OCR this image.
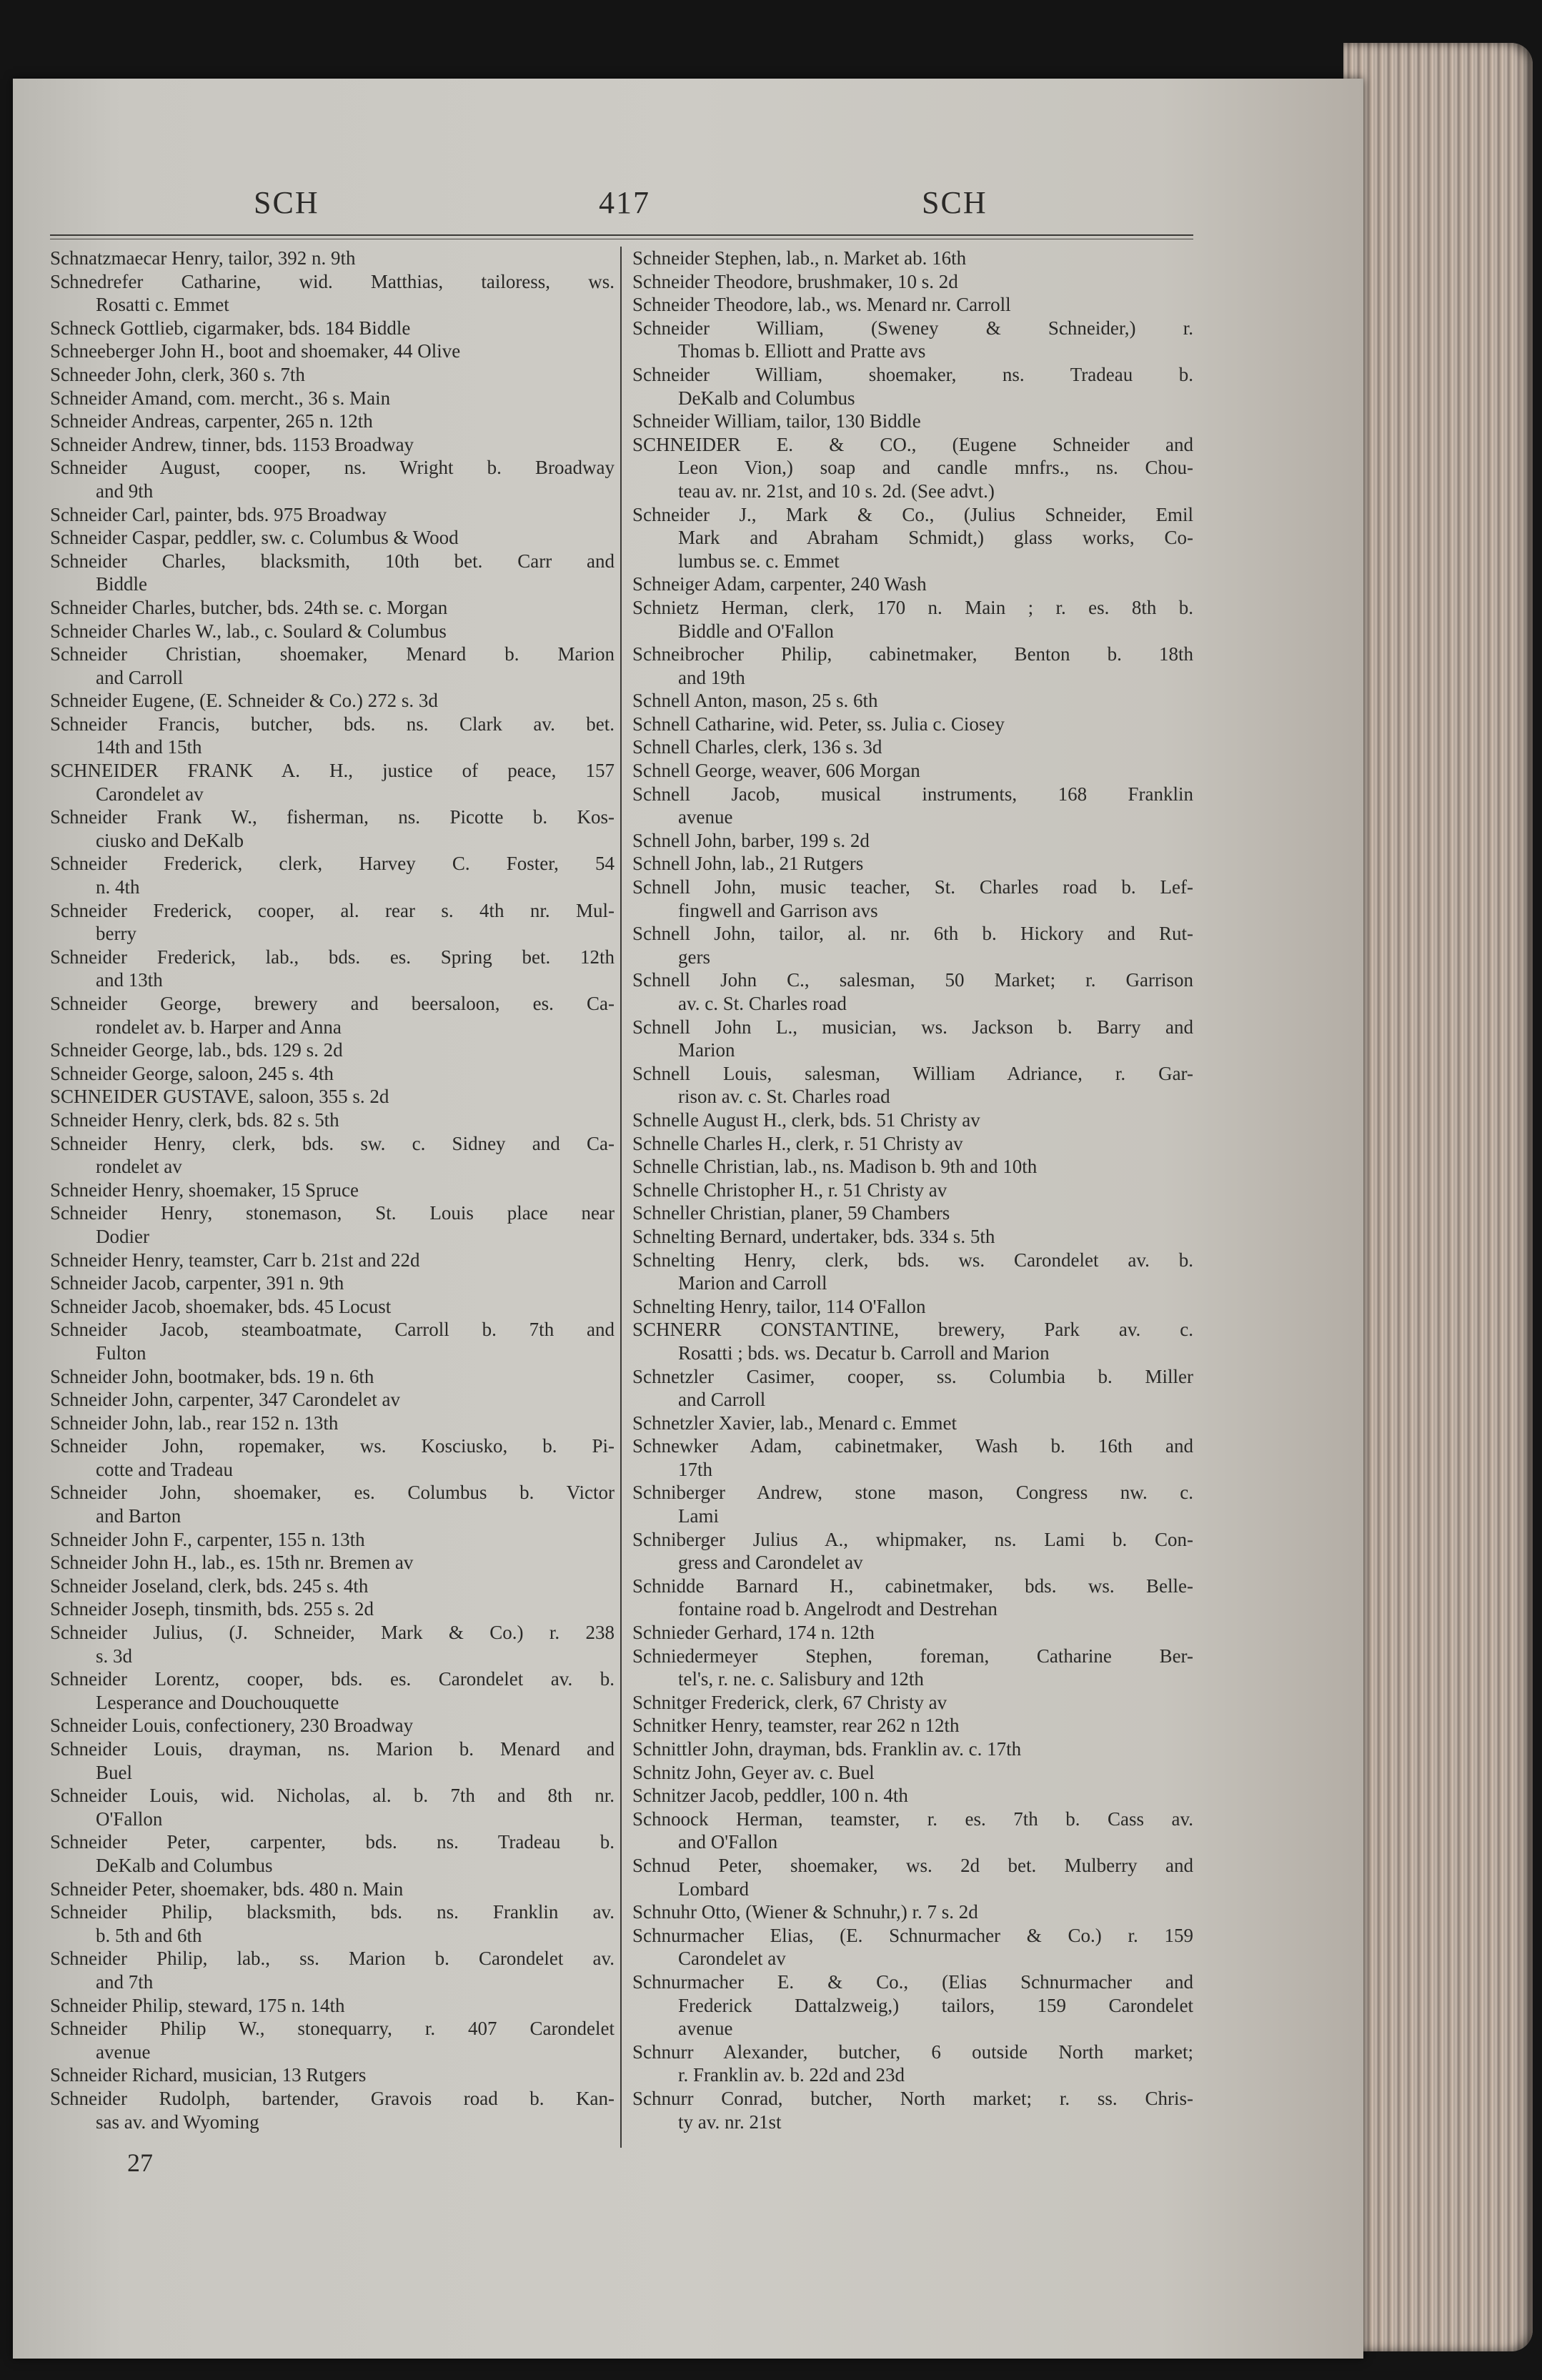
SCH	417	SCH
Schnatzmaecar Henry, tailor, 392 n. 9th
Schnedrefer Catharine, wid. Matthias, tailoress, ws.
Rosatti c. Emmet
Schneck Gottlieb, cigarmaker, bds. 184 Biddle
Schneeberger John H., boot and shoemaker, 44 Olive
Schneeder John, clerk, 360 s. 7th
Schneider Amand, com. mercht., 36 s. Main
Schneider Andreas, carpenter, 265 n. 12th
Schneider Andrew, tinner, bds. 1153 Broadway
Schneider August, cooper, ns. Wright b. Broadway
and 9th
Schneider Carl, painter, bds. 975 Broadway
Schneider Caspar, peddler, sw. c. Columbus & Wood
Schneider Charles, blacksmith, 10th bet. Carr and
Biddle
Schneider Charles, butcher, bds. 24th se. c. Morgan
Schneider Charles W., lab., c. Soulard & Columbus
Schneider Christian, shoemaker, Menard b. Marion
and Carroll
Schneider Eugene, (E. Schneider & Co.) 272 s. 3d
Schneider Francis, butcher, bds. ns. Clark av. bet.
14th and 15th
SCHNEIDER FRANK A. H., justice of peace, 157
Carondelet av
Schneider Frank W., fisherman, ns. Picotte b. Kos-
ciusko and DeKalb
Schneider Frederick, clerk, Harvey C. Foster, 54
n. 4th
Schneider Frederick, cooper, al. rear s. 4th nr. Mul-
berry
Schneider Frederick, lab., bds. es. Spring bet. 12th
and 13th
Schneider George, brewery and beersaloon, es. Ca-
rondelet av. b. Harper and Anna
Schneider George, lab., bds. 129 s. 2d
Schneider George, saloon, 245 s. 4th
SCHNEIDER GUSTAVE, saloon, 355 s. 2d
Schneider Henry, clerk, bds. 82 s. 5th
Schneider Henry, clerk, bds. sw. c. Sidney and Ca-
rondelet av
Schneider Henry, shoemaker, 15 Spruce
Schneider Henry, stonemason, St. Louis place near
Dodier
Schneider Henry, teamster, Carr b. 21st and 22d
Schneider Jacob, carpenter, 391 n. 9th
Schneider Jacob, shoemaker, bds. 45 Locust
Schneider Jacob, steamboatmate, Carroll b. 7th and
Fulton
Schneider John, bootmaker, bds. 19 n. 6th
Schneider John, carpenter, 347 Carondelet av
Schneider John, lab., rear 152 n. 13th
Schneider John, ropemaker, ws. Kosciusko, b. Pi-
cotte and Tradeau
Schneider John, shoemaker, es. Columbus b. Victor
and Barton
Schneider John F., carpenter, 155 n. 13th
Schneider John H., lab., es. 15th nr. Bremen av
Schneider Joseland, clerk, bds. 245 s. 4th
Schneider Joseph, tinsmith, bds. 255 s. 2d
Schneider Julius, (J. Schneider, Mark & Co.) r. 238
s. 3d
Schneider Lorentz, cooper, bds. es. Carondelet av. b.
Lesperance and Douchouquette
Schneider Louis, confectionery, 230 Broadway
Schneider Louis, drayman, ns. Marion b. Menard and
Buel
Schneider Louis, wid. Nicholas, al. b. 7th and 8th nr.
O'Fallon
Schneider Peter, carpenter, bds. ns. Tradeau b.
DeKalb and Columbus
Schneider Peter, shoemaker, bds. 480 n. Main
Schneider Philip, blacksmith, bds. ns. Franklin av.
b. 5th and 6th
Schneider Philip, lab., ss. Marion b. Carondelet av.
and 7th
Schneider Philip, steward, 175 n. 14th
Schneider Philip W., stonequarry, r. 407 Carondelet
avenue
Schneider Richard, musician, 13 Rutgers
Schneider Rudolph, bartender, Gravois road b. Kan-
sas av. and Wyoming
Schneider Stephen, lab., n. Market ab. 16th
Schneider Theodore, brushmaker, 10 s. 2d
Schneider Theodore, lab., ws. Menard nr. Carroll
Schneider William, (Sweney & Schneider,) r.
Thomas b. Elliott and Pratte avs
Schneider William, shoemaker, ns. Tradeau b.
DeKalb and Columbus
Schneider William, tailor, 130 Biddle
SCHNEIDER E. & CO., (Eugene Schneider and
Leon Vion,) soap and candle mnfrs., ns. Chou-
teau av. nr. 21st, and 10 s. 2d. (See advt.)
Schneider J., Mark & Co., (Julius Schneider, Emil
Mark and Abraham Schmidt,) glass works, Co-
lumbus se. c. Emmet
Schneiger Adam, carpenter, 240 Wash
Schnietz Herman, clerk, 170 n. Main ; r. es. 8th b.
Biddle and O'Fallon
Schneibrocher Philip, cabinetmaker, Benton b. 18th
and 19th
Schnell Anton, mason, 25 s. 6th
Schnell Catharine, wid. Peter, ss. Julia c. Ciosey
Schnell Charles, clerk, 136 s. 3d
Schnell George, weaver, 606 Morgan
Schnell Jacob, musical instruments, 168 Franklin
avenue
Schnell John, barber, 199 s. 2d
Schnell John, lab., 21 Rutgers
Schnell John, music teacher, St. Charles road b. Lef-
fingwell and Garrison avs
Schnell John, tailor, al. nr. 6th b. Hickory and Rut-
gers
Schnell John C., salesman, 50 Market; r. Garrison
av. c. St. Charles road
Schnell John L., musician, ws. Jackson b. Barry and
Marion
Schnell Louis, salesman, William Adriance, r. Gar-
rison av. c. St. Charles road
Schnelle August H., clerk, bds. 51 Christy av
Schnelle Charles H., clerk, r. 51 Christy av
Schnelle Christian, lab., ns. Madison b. 9th and 10th
Schnelle Christopher H., r. 51 Christy av
Schneller Christian, planer, 59 Chambers
Schnelting Bernard, undertaker, bds. 334 s. 5th
Schnelting Henry, clerk, bds. ws. Carondelet av. b.
Marion and Carroll
Schnelting Henry, tailor, 114 O'Fallon
SCHNERR CONSTANTINE, brewery, Park av. c.
Rosatti ; bds. ws. Decatur b. Carroll and Marion
Schnetzler Casimer, cooper, ss. Columbia b. Miller
and Carroll
Schnetzler Xavier, lab., Menard c. Emmet
Schnewker Adam, cabinetmaker, Wash b. 16th and
17th
Schniberger Andrew, stone mason, Congress nw. c.
Lami
Schniberger Julius A., whipmaker, ns. Lami b. Con-
gress and Carondelet av
Schnidde Barnard H., cabinetmaker, bds. ws. Belle-
fontaine road b. Angelrodt and Destrehan
Schnieder Gerhard, 174 n. 12th
Schniedermeyer Stephen, foreman, Catharine Ber-
tel's, r. ne. c. Salisbury and 12th
Schnitger Frederick, clerk, 67 Christy av
Schnitker Henry, teamster, rear 262 n 12th
Schnittler John, drayman, bds. Franklin av. c. 17th
Schnitz John, Geyer av. c. Buel
Schnitzer Jacob, peddler, 100 n. 4th
Schnoock Herman, teamster, r. es. 7th b. Cass av.
and O'Fallon
Schnud Peter, shoemaker, ws. 2d bet. Mulberry and
Lombard
Schnuhr Otto, (Wiener & Schnuhr,) r. 7 s. 2d
Schnurmacher Elias, (E. Schnurmacher & Co.) r. 159
Carondelet av
Schnurmacher E. & Co., (Elias Schnurmacher and
Frederick Dattalzweig,) tailors, 159 Carondelet
avenue
Schnurr Alexander, butcher, 6 outside North market;
r. Franklin av. b. 22d and 23d
Schnurr Conrad, butcher, North market; r. ss. Chris-
ty av. nr. 21st
27
